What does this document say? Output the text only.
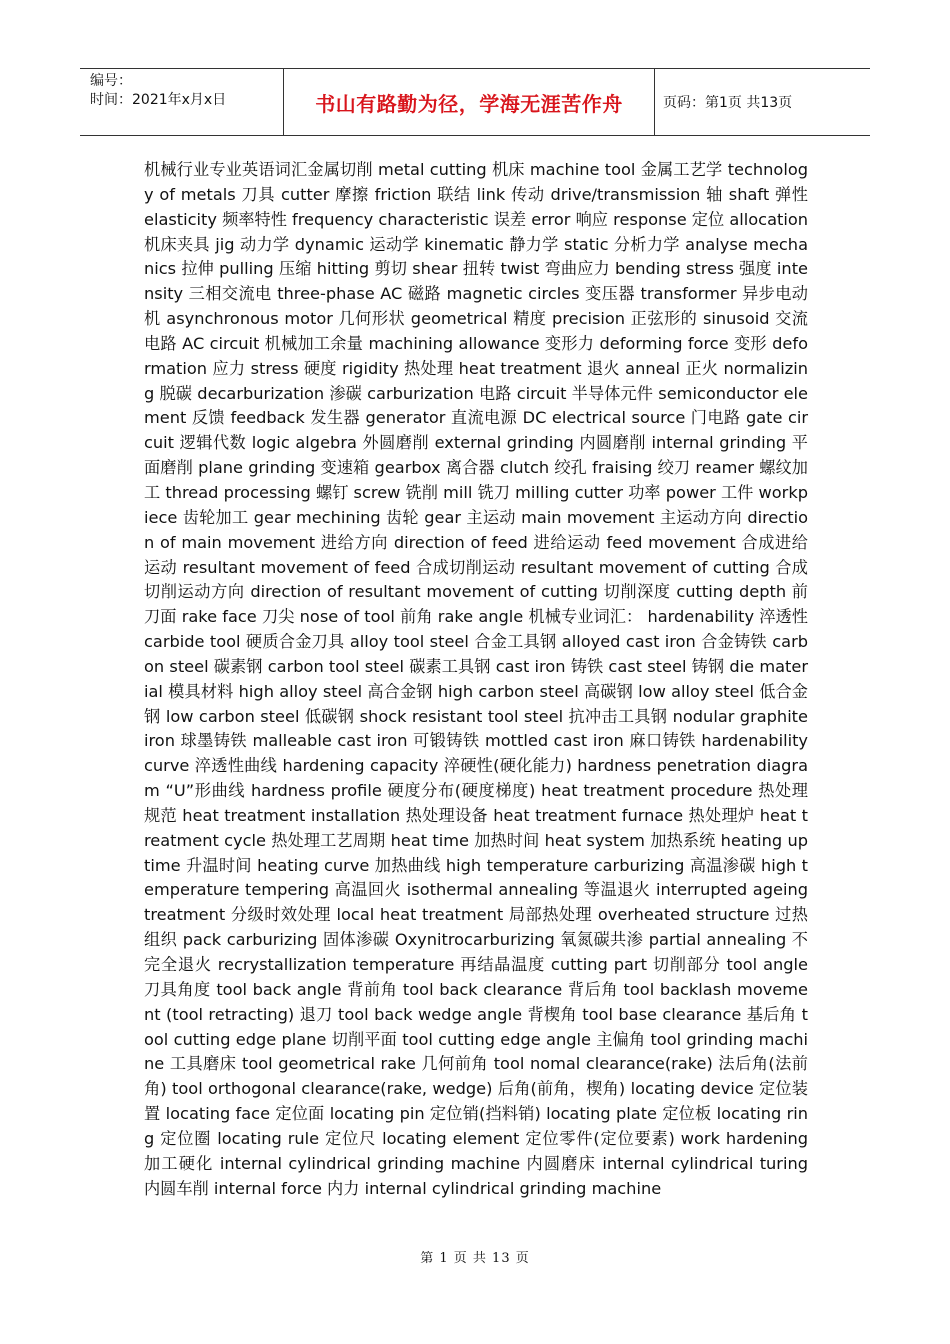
编号：
时间：2021年x月x日	书山有路勤为径，学海无涯苦作舟	页码：第1页 共13页
机械行业专业英语词汇金属切削 metal cutting 机床 machine tool 金属工艺学 technology of metals 刀具 cutter 摩擦 friction 联结 link 传动 drive/transmission 轴 shaft 弹性 elasticity 频率特性 frequency characteristic 误差 error 响应 response 定位 allocation 机床夹具 jig 动力学 dynamic 运动学 kinematic 静力学 static 分析力学 analyse mechanics 拉伸 pulling 压缩 hitting 剪切 shear 扭转 twist 弯曲应力 bending stress 强度 intensity 三相交流电 three-phase AC 磁路 magnetic circles 变压器 transformer 异步电动机 asynchronous motor 几何形状 geometrical 精度 precision 正弦形的 sinusoid 交流电路 AC circuit 机械加工余量 machining allowance 变形力 deforming force 变形 deformation 应力 stress 硬度 rigidity 热处理 heat treatment 退火 anneal 正火 normalizing 脱碳 decarburization 渗碳 carburization 电路 circuit 半导体元件 semiconductor element 反馈 feedback 发生器 generator 直流电源 DC electrical source 门电路 gate circuit 逻辑代数 logic algebra 外圆磨削 external grinding 内圆磨削 internal grinding 平面磨削 plane grinding 变速箱 gearbox 离合器 clutch 绞孔 fraising 绞刀 reamer 螺纹加工 thread processing 螺钉 screw 铣削 mill 铣刀 milling cutter 功率 power 工件 workpiece 齿轮加工 gear mechining 齿轮 gear 主运动 main movement 主运动方向 direction of main movement 进给方向 direction of feed 进给运动 feed movement 合成进给运动 resultant movement of feed 合成切削运动 resultant movement of cutting 合成切削运动方向 direction of resultant movement of cutting 切削深度 cutting depth 前刀面 rake face 刀尖 nose of tool 前角 rake angle 机械专业词汇： hardenability 淬透性 carbide tool 硬质合金刀具 alloy tool steel 合金工具钢 alloyed cast iron 合金铸铁 carbon steel 碳素钢 carbon tool steel 碳素工具钢 cast iron 铸铁 cast steel 铸钢 die material 模具材料 high alloy steel 高合金钢 high carbon steel 高碳钢 low alloy steel 低合金钢 low carbon steel 低碳钢 shock resistant tool steel 抗冲击工具钢 nodular graphite iron 球墨铸铁 malleable cast iron 可锻铸铁 mottled cast iron 麻口铸铁 hardenability curve 淬透性曲线 hardening capacity 淬硬性(硬化能力) hardness penetration diagram “U”形曲线 hardness profile 硬度分布(硬度梯度) heat treatment procedure 热处理规范 heat treatment installation 热处理设备 heat treatment furnace 热处理炉 heat treatment cycle 热处理工艺周期 heat time 加热时间 heat system 加热系统 heating up time 升温时间 heating curve 加热曲线 high temperature carburizing 高温渗碳 high temperature tempering 高温回火 isothermal annealing 等温退火 interrupted ageing treatment 分级时效处理 local heat treatment 局部热处理 overheated structure 过热组织 pack carburizing 固体渗碳 Oxynitrocarburizing 氧氮碳共渗 partial annealing 不完全退火 recrystallization temperature 再结晶温度 cutting part 切削部分 tool angle 刀具角度 tool back angle 背前角 tool back clearance 背后角 tool backlash movement (tool retracting) 退刀 tool back wedge angle 背楔角 tool base clearance 基后角 tool cutting edge plane 切削平面 tool cutting edge angle 主偏角 tool grinding machine 工具磨床 tool geometrical rake 几何前角 tool nomal clearance(rake) 法后角(法前角) tool orthogonal clearance(rake, wedge) 后角(前角，楔角) locating device 定位装置 locating face 定位面 locating pin 定位销(挡料销) locating plate 定位板 locating ring 定位圈 locating rule 定位尺 locating element 定位零件(定位要素) work hardening 加工硬化 internal cylindrical grinding machine 内圆磨床 internal cylindrical turing 内圆车削 internal force 内力 internal cylindrical grinding machine
第 1 页 共 13 页
